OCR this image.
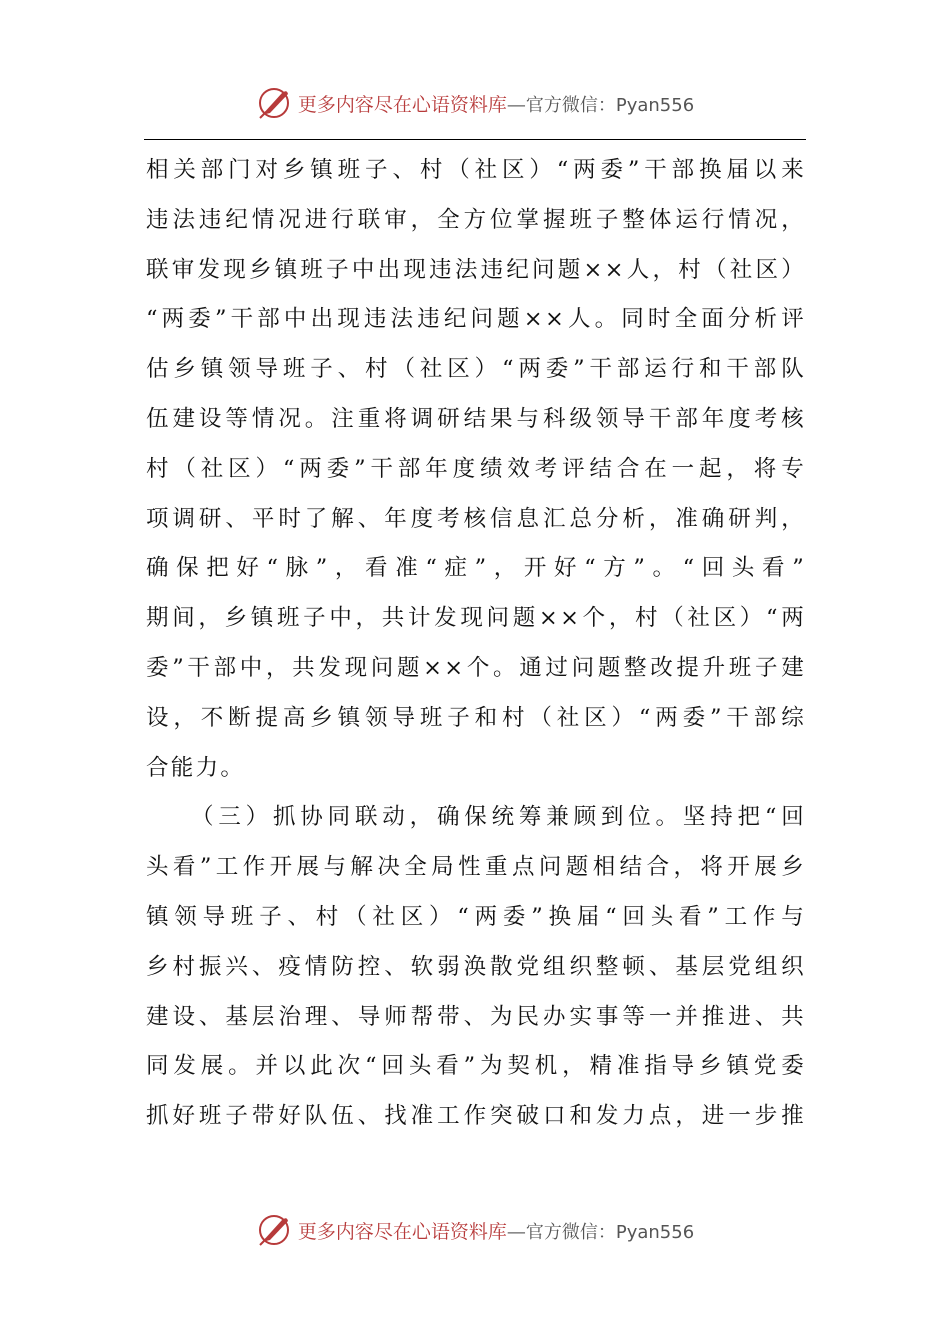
更多内容尽在心语资料库—官方微信：Pyan556

相关部门对乡镇班子、村（社区）“两委”干部换届以来

违法违纪情况进行联审，全方位掌握班子整体运行情况，

联审发现乡镇班子中出现违法违纪问题××人，村（社区）

“两委”干部中出现违法违纪问题××人。同时全面分析评

估乡镇领导班子、村（社区）“两委”干部运行和干部队

伍建设等情况。注重将调研结果与科级领导干部年度考核

村（社区）“两委”干部年度绩效考评结合在一起，将专

项调研、平时了解、年度考核信息汇总分析，准确研判，

确保把好“脉”，看准“症”，开好“方”。“回头看”

期间，乡镇班子中，共计发现问题××个，村（社区）“两

委”干部中，共发现问题××个。通过问题整改提升班子建

设，不断提高乡镇领导班子和村（社区）“两委”干部综

合能力。

（三）抓协同联动，确保统筹兼顾到位。坚持把“回

头看”工作开展与解决全局性重点问题相结合，将开展乡

镇领导班子、村（社区）“两委”换届“回头看”工作与

乡村振兴、疫情防控、软弱涣散党组织整顿、基层党组织

建设、基层治理、导师帮带、为民办实事等一并推进、共

同发展。并以此次“回头看”为契机，精准指导乡镇党委

抓好班子带好队伍、找准工作突破口和发力点，进一步推

更多内容尽在心语资料库—官方微信：Pyan556
